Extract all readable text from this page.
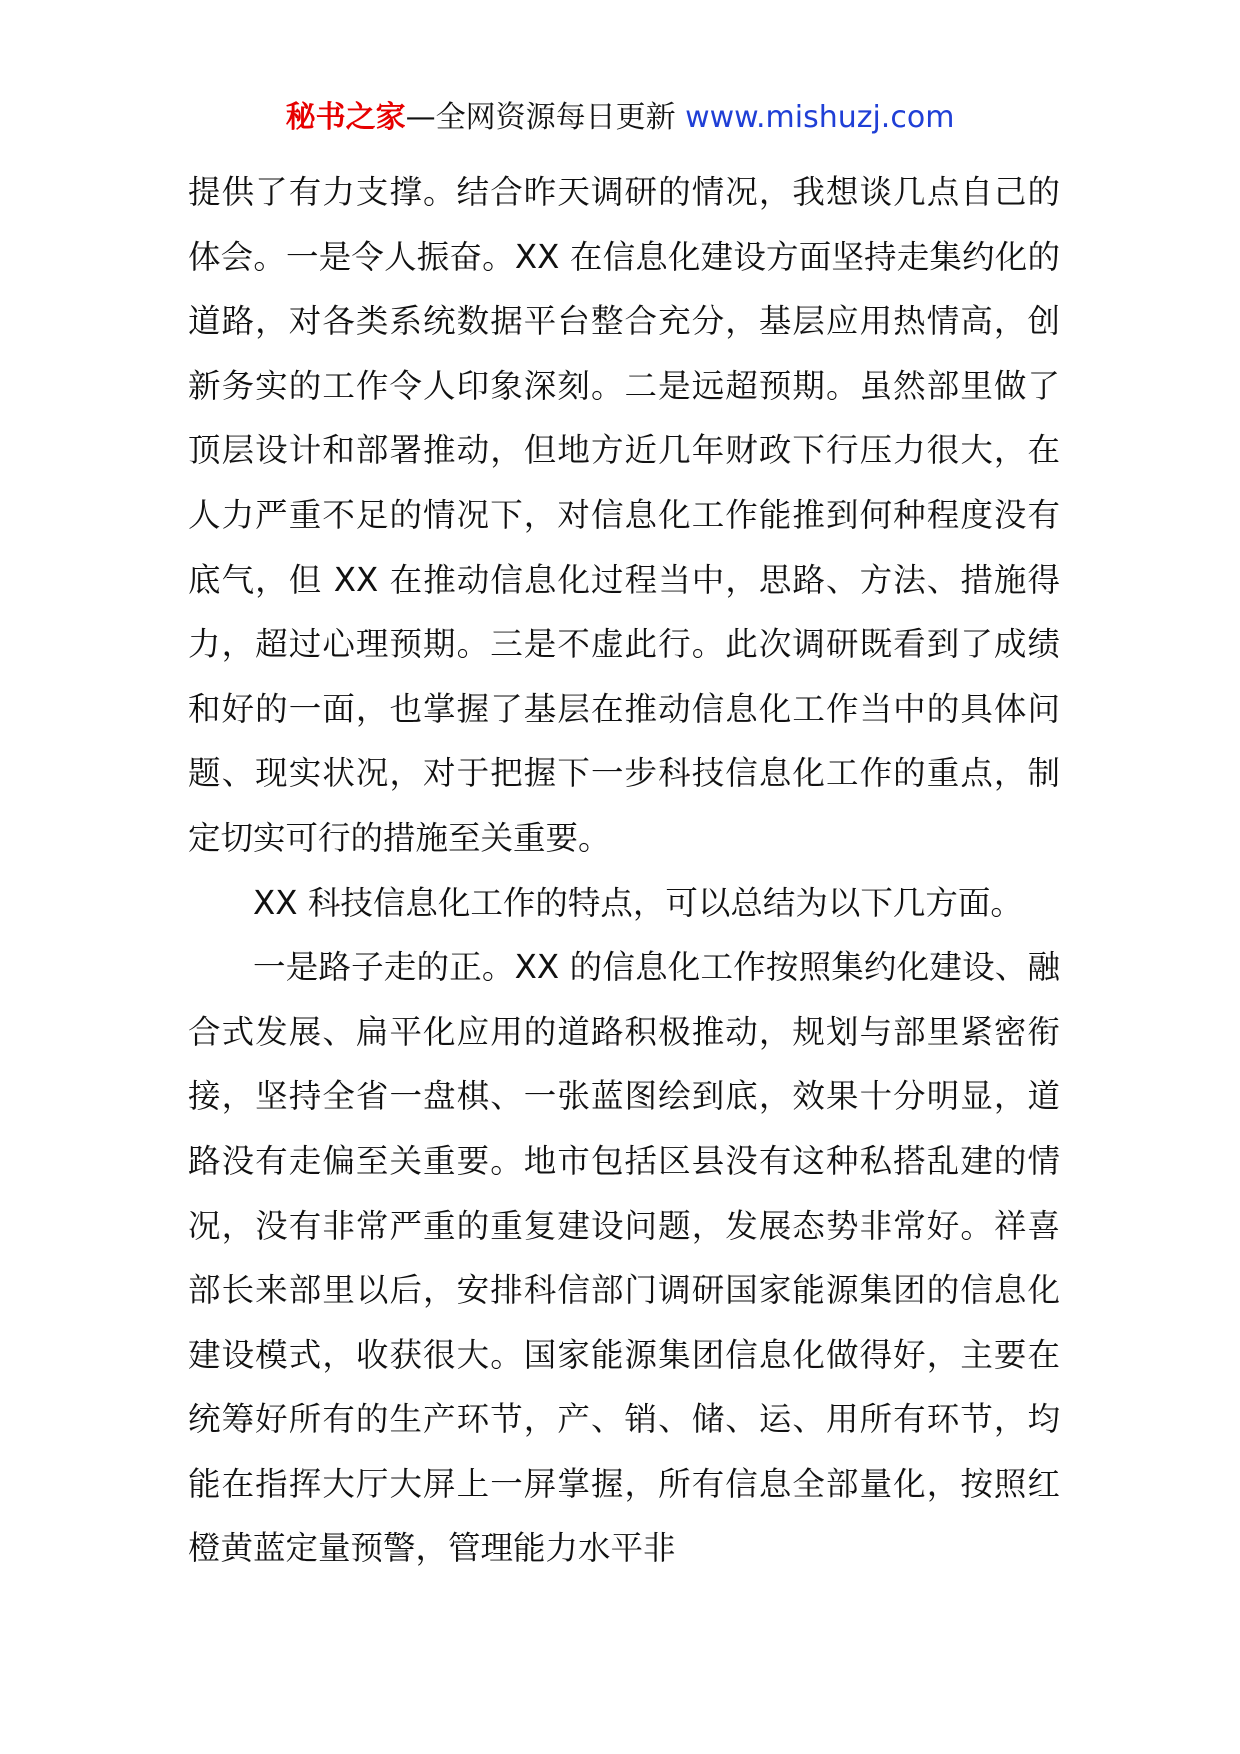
秘书之家—全网资源每日更新 www.mishuzj.com

提供了有力支撑。结合昨天调研的情况，我想谈几点自己的体会。一是令人振奋。XX 在信息化建设方面坚持走集约化的道路，对各类系统数据平台整合充分，基层应用热情高，创新务实的工作令人印象深刻。二是远超预期。虽然部里做了顶层设计和部署推动，但地方近几年财政下行压力很大，在人力严重不足的情况下，对信息化工作能推到何种程度没有底气，但 XX 在推动信息化过程当中，思路、方法、措施得力，超过心理预期。三是不虚此行。此次调研既看到了成绩和好的一面，也掌握了基层在推动信息化工作当中的具体问题、现实状况，对于把握下一步科技信息化工作的重点，制定切实可行的措施至关重要。

XX 科技信息化工作的特点，可以总结为以下几方面。

一是路子走的正。XX 的信息化工作按照集约化建设、融合式发展、扁平化应用的道路积极推动，规划与部里紧密衔接，坚持全省一盘棋、一张蓝图绘到底，效果十分明显，道路没有走偏至关重要。地市包括区县没有这种私搭乱建的情况，没有非常严重的重复建设问题，发展态势非常好。祥喜部长来部里以后，安排科信部门调研国家能源集团的信息化建设模式，收获很大。国家能源集团信息化做得好，主要在统筹好所有的生产环节，产、销、储、运、用所有环节，均能在指挥大厅大屏上一屏掌握，所有信息全部量化，按照红橙黄蓝定量预警，管理能力水平非
